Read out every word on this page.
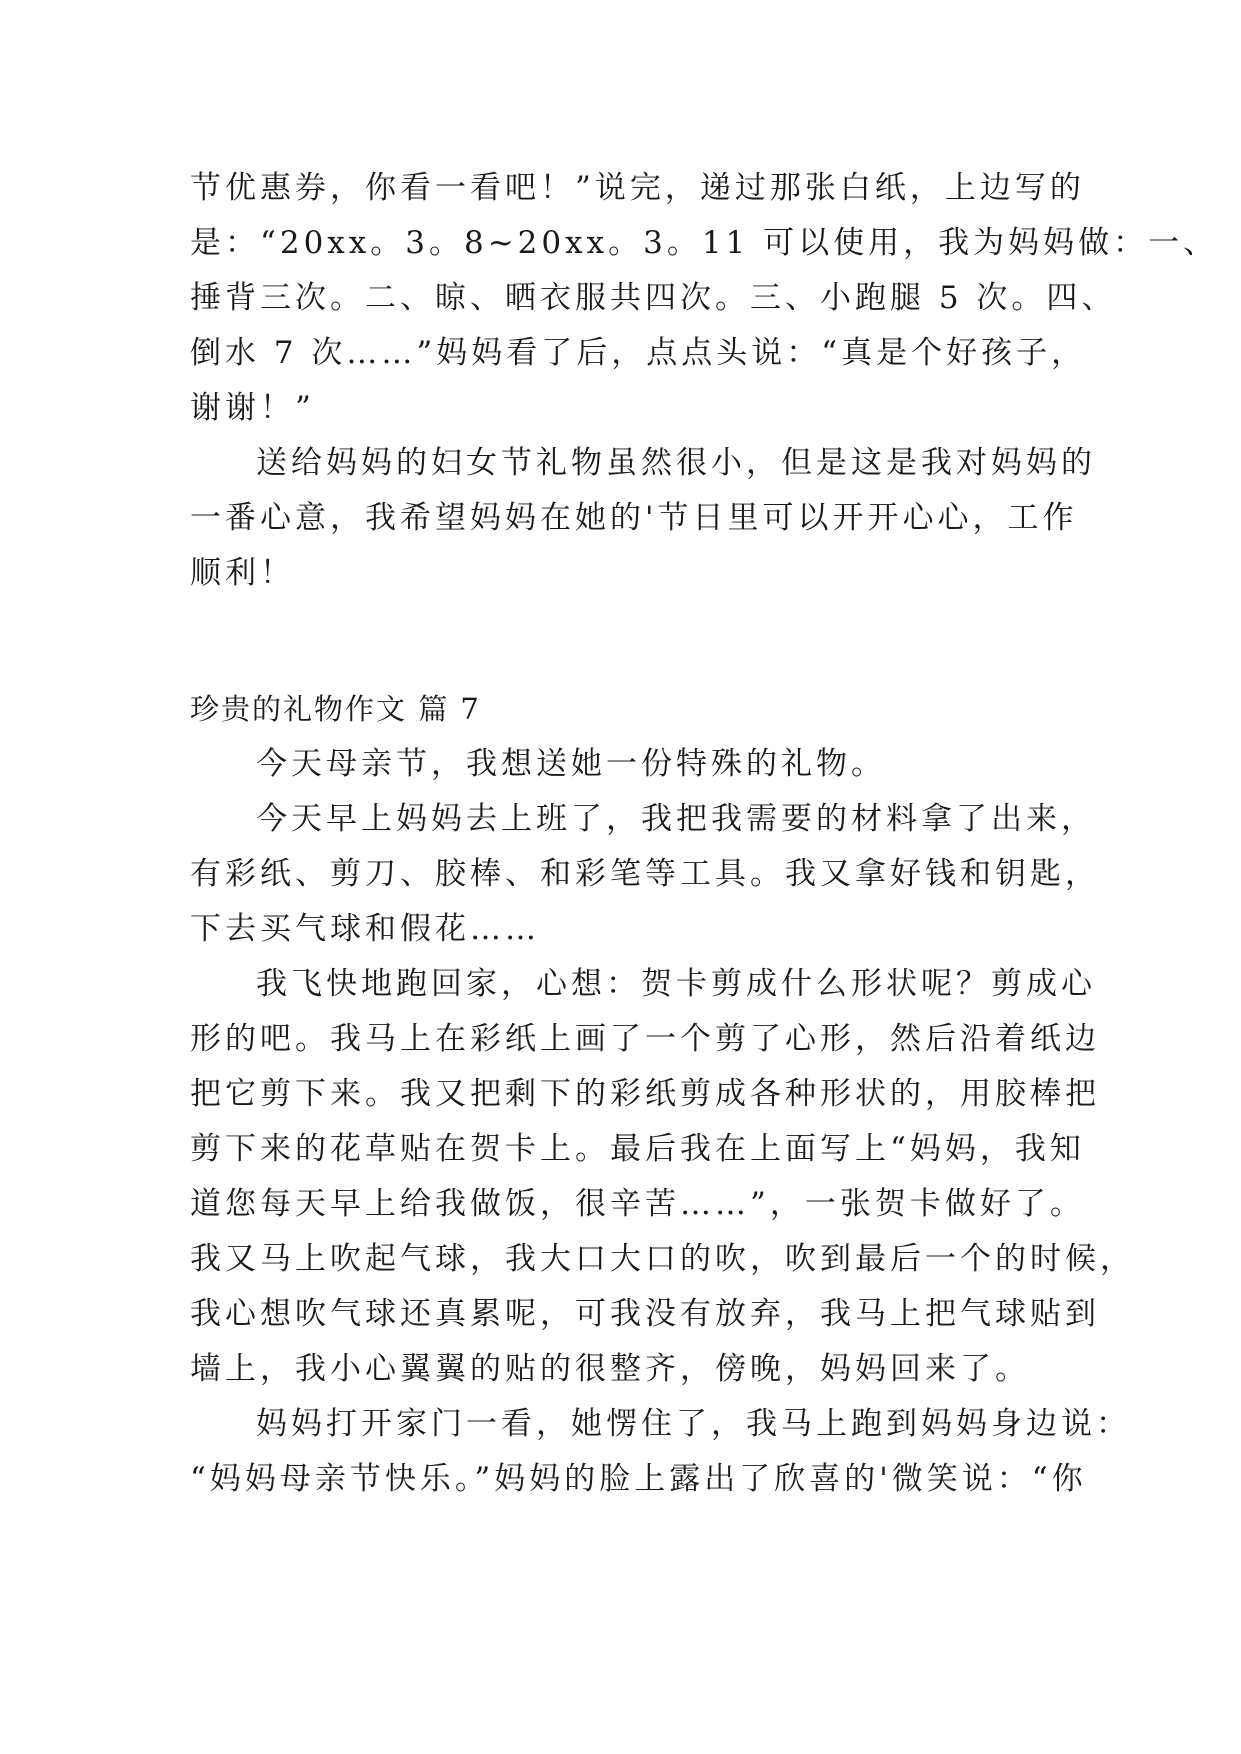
节优惠券，你看一看吧！”说完，递过那张白纸，上边写的
是：“20xx。3。8~20xx。3。11 可以使用，我为妈妈做：一、
捶背三次。二、晾、晒衣服共四次。三、小跑腿 5 次。四、
倒水 7 次……”妈妈看了后，点点头说：“真是个好孩子，
谢谢！”
送给妈妈的妇女节礼物虽然很小，但是这是我对妈妈的
一番心意，我希望妈妈在她的'节日里可以开开心心，工作
顺利！
珍贵的礼物作文 篇 7
今天母亲节，我想送她一份特殊的礼物。
今天早上妈妈去上班了，我把我需要的材料拿了出来，
有彩纸、剪刀、胶棒、和彩笔等工具。我又拿好钱和钥匙，
下去买气球和假花……
我飞快地跑回家，心想：贺卡剪成什么形状呢？剪成心
形的吧。我马上在彩纸上画了一个剪了心形，然后沿着纸边
把它剪下来。我又把剩下的彩纸剪成各种形状的，用胶棒把
剪下来的花草贴在贺卡上。最后我在上面写上“妈妈，我知
道您每天早上给我做饭，很辛苦……”，一张贺卡做好了。
我又马上吹起气球，我大口大口的吹，吹到最后一个的时候，
我心想吹气球还真累呢，可我没有放弃，我马上把气球贴到
墙上，我小心翼翼的贴的很整齐，傍晚，妈妈回来了。
妈妈打开家门一看，她愣住了，我马上跑到妈妈身边说：
“妈妈母亲节快乐。”妈妈的脸上露出了欣喜的'微笑说：“你
